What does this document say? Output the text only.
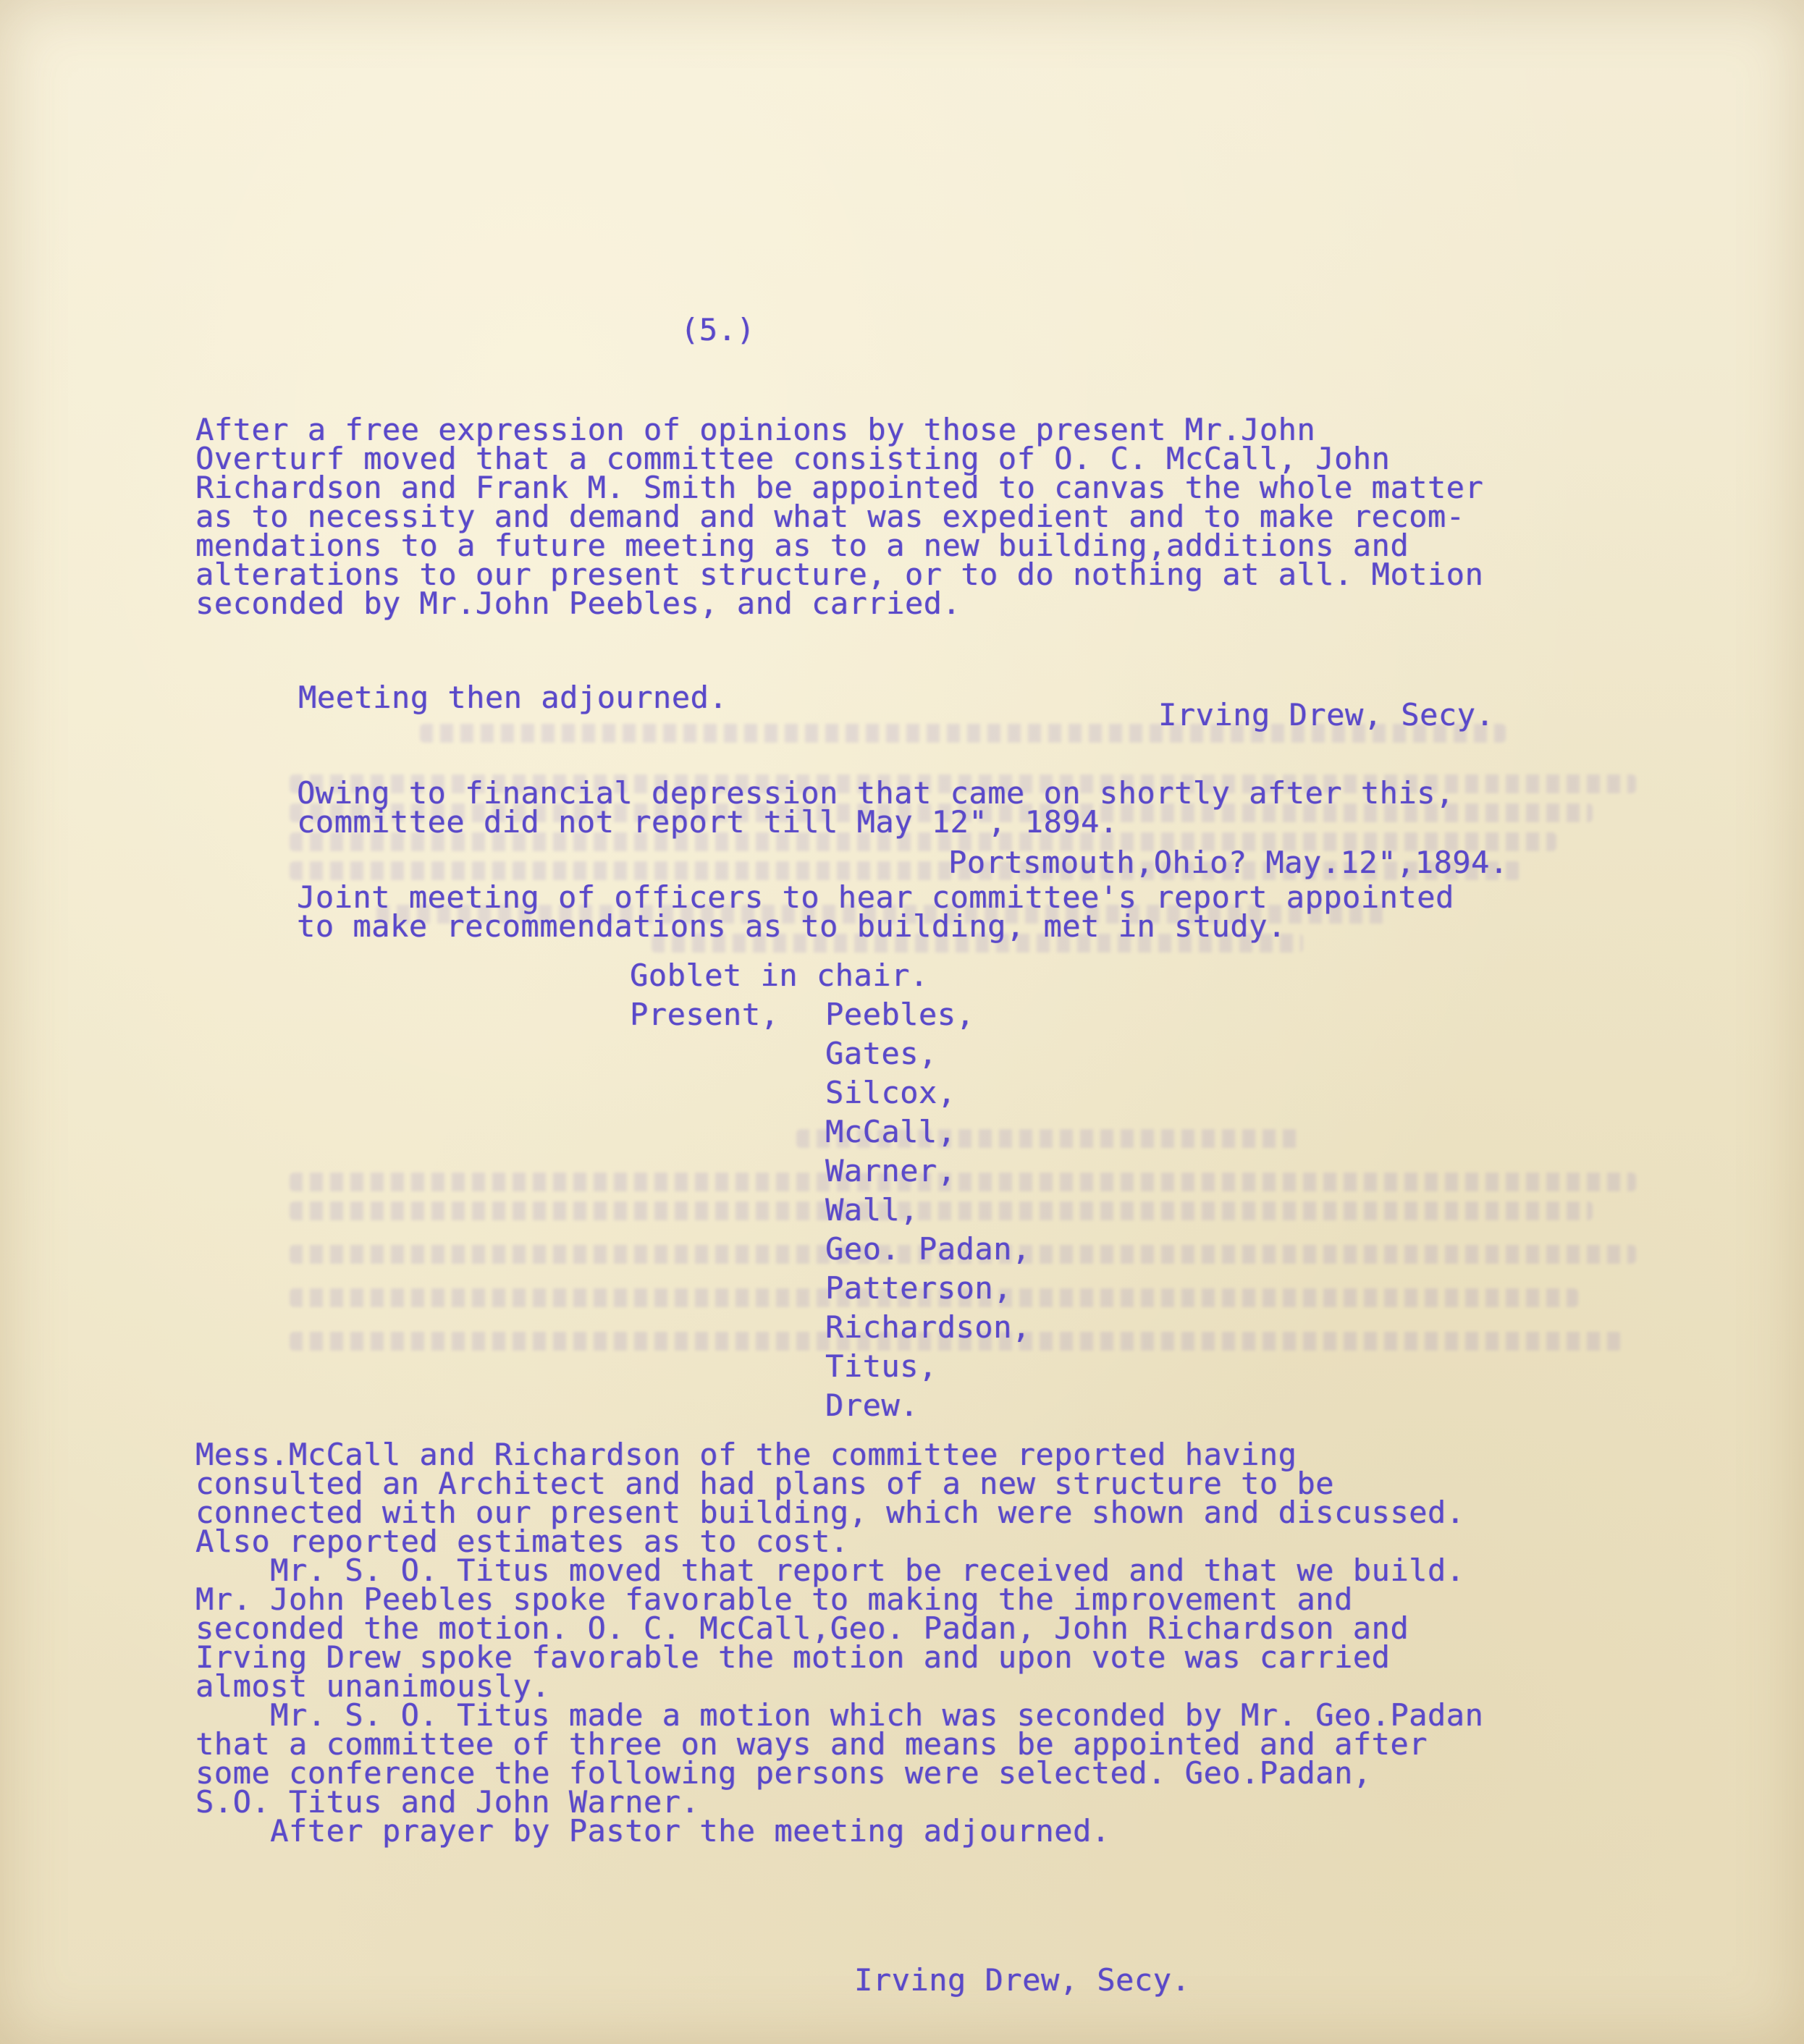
(5.)

After a free expression of opinions by those present Mr.John
Overturf moved that a committee consisting of O. C. McCall, John
Richardson and Frank M. Smith be appointed to canvas the whole matter
as to necessity and demand and what was expedient and to make recom-
mendations to a future meeting as to a new building,additions and
alterations to our present structure, or to do nothing at all. Motion
seconded by Mr.John Peebles, and carried.

Meeting then adjourned.	Irving Drew, Secy.

Owing to financial depression that came on shortly after this,
committee did not report till May 12", 1894.

Portsmouth,Ohio? May.12",1894.

Joint meeting of officers to hear committee's report appointed
to make recommendations as to building, met in study.

Goblet in chair.

Present, Peebles,

Gates,

Silcox,

McCall,

Warner,

Wall,

Geo. Padan,

Patterson,

Richardson,

Titus,

Drew.

Mess.McCall and Richardson of the committee reported having
consulted an Architect and had plans of a new structure to be
connected with our present building, which were shown and discussed.
Also reported estimates as to cost.
Mr. S. O. Titus moved that report be received and that we build.
Mr. John Peebles spoke favorable to making the improvement and
seconded the motion. O. C. McCall,Geo. Padan, John Richardson and
Irving Drew spoke favorable the motion and upon vote was carried
almost unanimously.
Mr. S. O. Titus made a motion which was seconded by Mr. Geo.Padan
that a committee of three on ways and means be appointed and after
some conference the following persons were selected. Geo.Padan,
S.O. Titus and John Warner.
After prayer by Pastor the meeting adjourned.

Irving Drew, Secy.
